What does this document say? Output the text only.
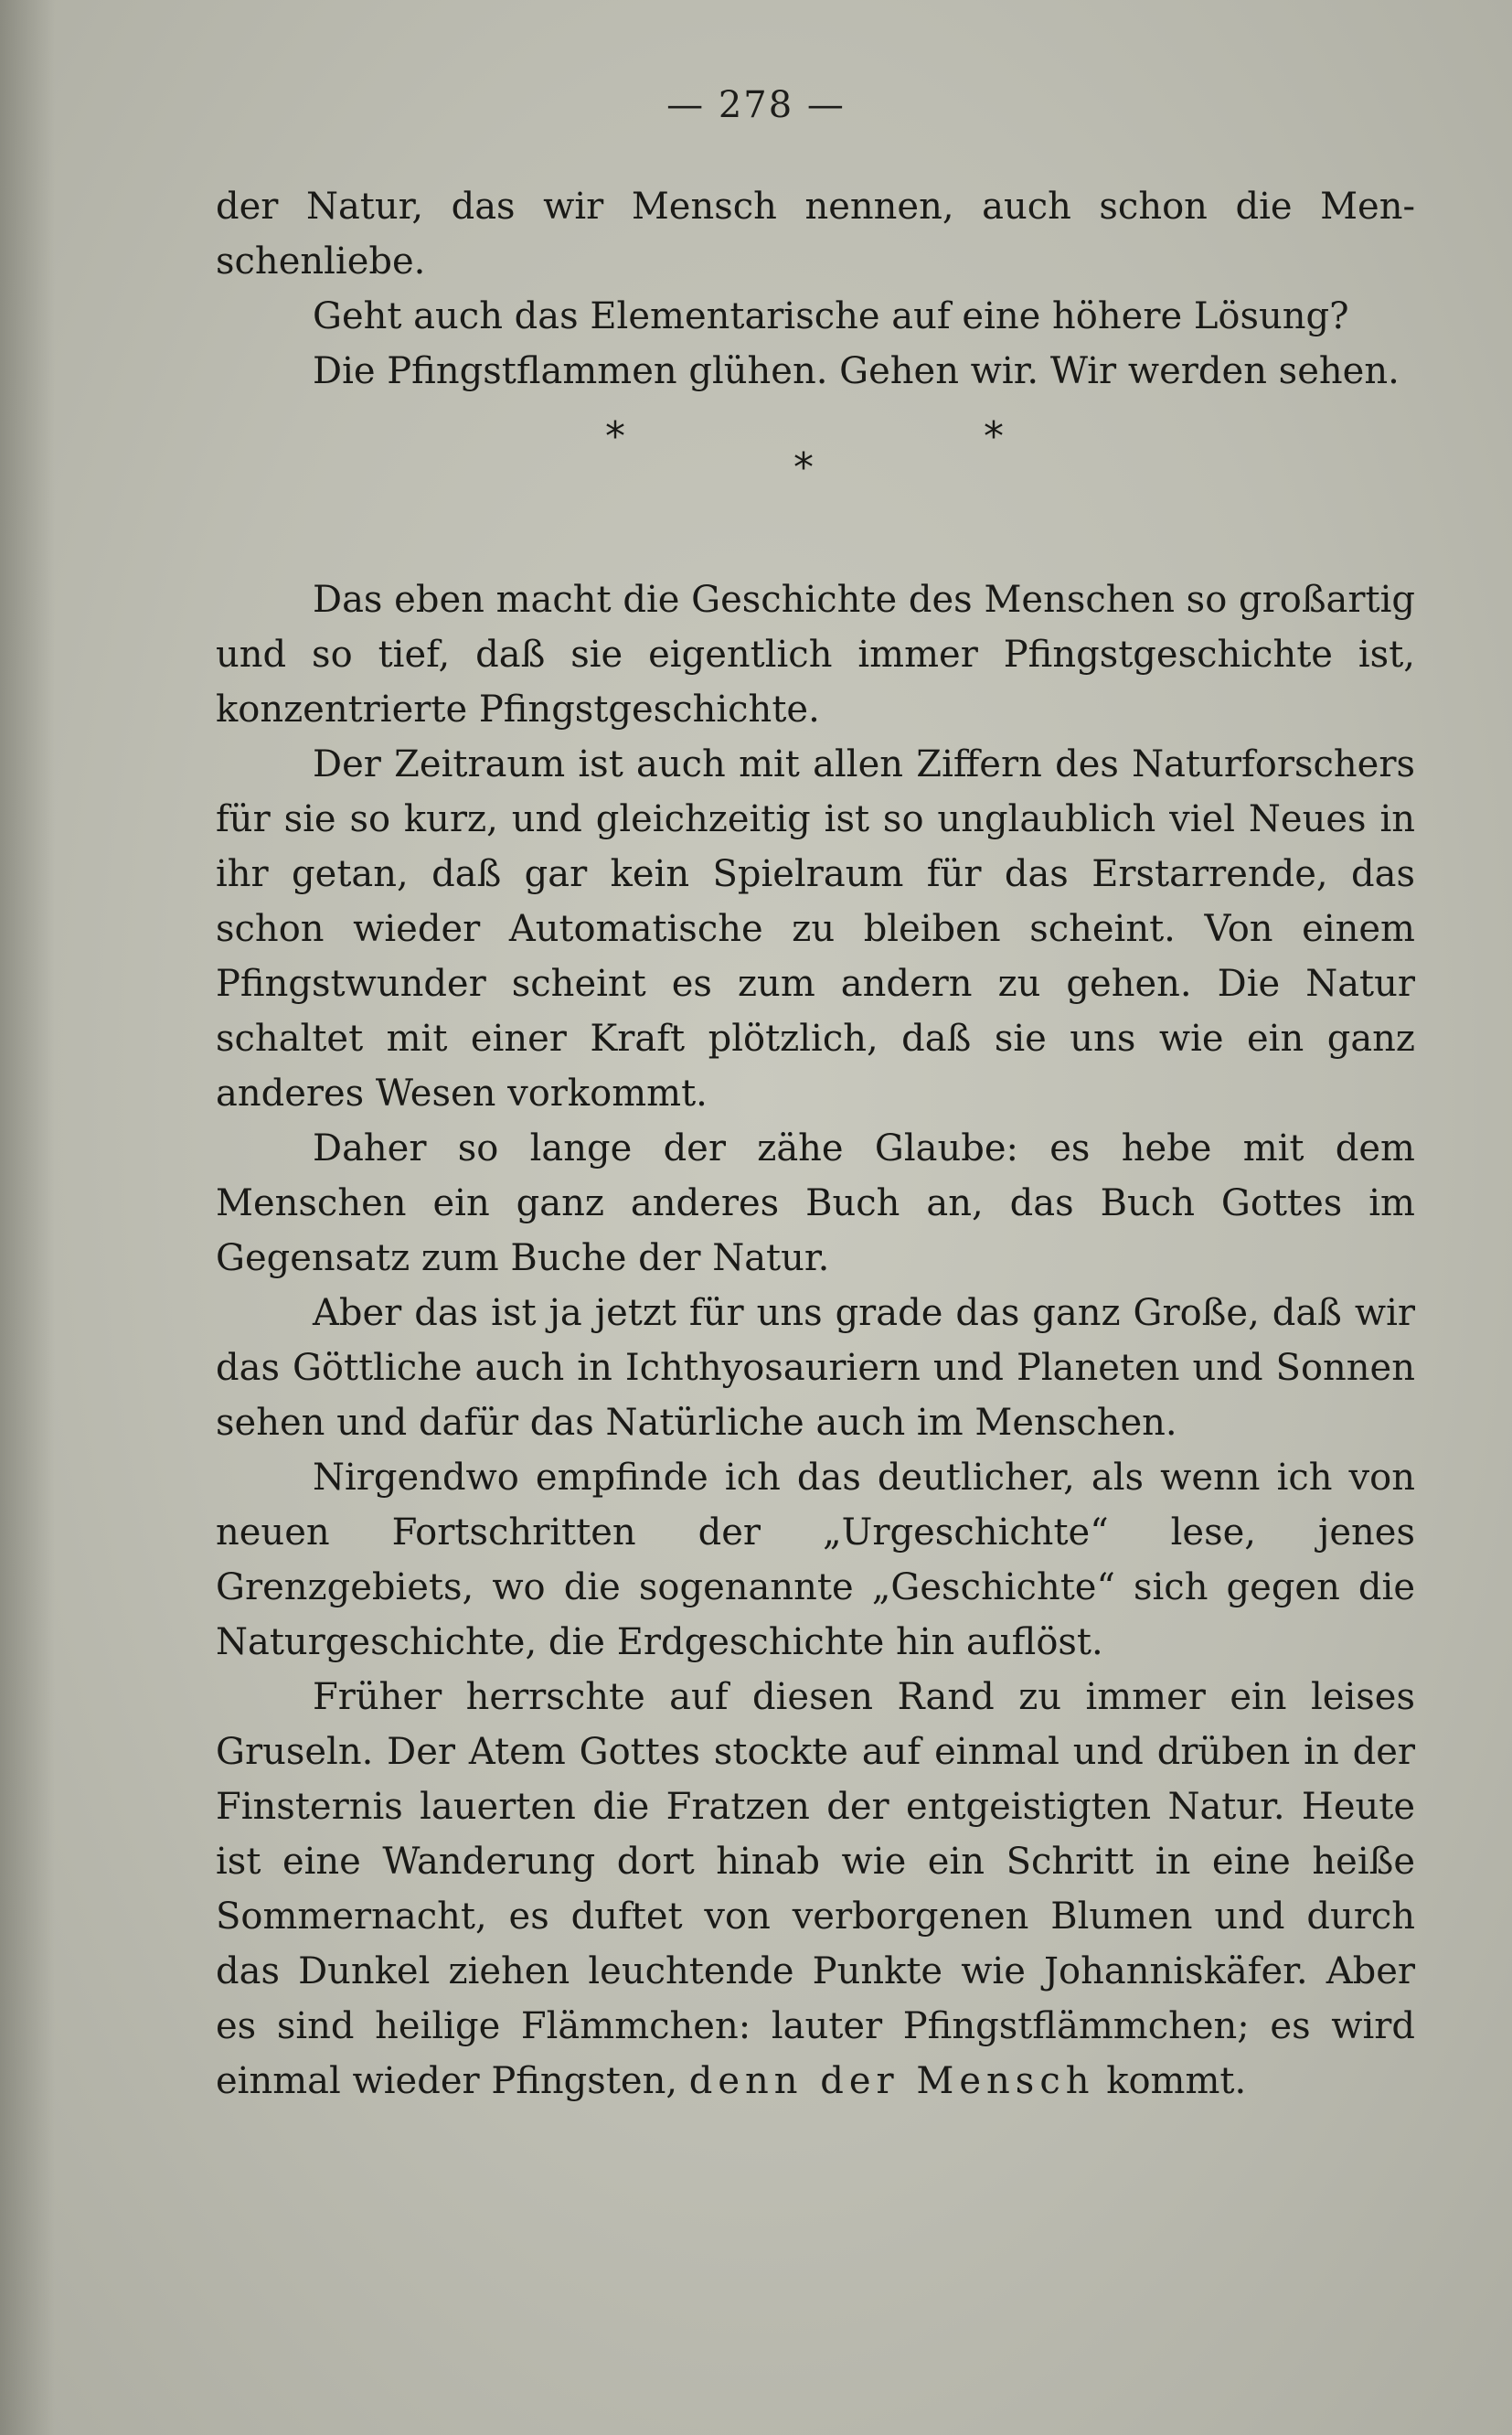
— 278 —

der Natur, das wir Mensch nennen, auch schon die Menschenliebe.

Geht auch das Elementarische auf eine höhere Lösung?

Die Pfingstflammen glühen. Gehen wir. Wir werden sehen.

*
*
*

Das eben macht die Geschichte des Menschen so großartig und so tief, daß sie eigentlich immer Pfingstgeschichte ist, konzentrierte Pfingstgeschichte.

Der Zeitraum ist auch mit allen Ziffern des Naturforschers für sie so kurz, und gleichzeitig ist so unglaublich viel Neues in ihr getan, daß gar kein Spielraum für das Erstarrende, das schon wieder Automatische zu bleiben scheint. Von einem Pfingstwunder scheint es zum andern zu gehen. Die Natur schaltet mit einer Kraft plötzlich, daß sie uns wie ein ganz anderes Wesen vorkommt.

Daher so lange der zähe Glaube: es hebe mit dem Menschen ein ganz anderes Buch an, das Buch Gottes im Gegensatz zum Buche der Natur.

Aber das ist ja jetzt für uns grade das ganz Große, daß wir das Göttliche auch in Ichthyosauriern und Planeten und Sonnen sehen und dafür das Natürliche auch im Menschen.

Nirgendwo empfinde ich das deutlicher, als wenn ich von neuen Fortschritten der „Urgeschichte“ lese, jenes Grenzgebiets, wo die sogenannte „Geschichte“ sich gegen die Naturgeschichte, die Erdgeschichte hin auflöst.

Früher herrschte auf diesen Rand zu immer ein leises Gruseln. Der Atem Gottes stockte auf einmal und drüben in der Finsternis lauerten die Fratzen der entgeistigten Natur. Heute ist eine Wanderung dort hinab wie ein Schritt in eine heiße Sommernacht, es duftet von verborgenen Blumen und durch das Dunkel ziehen leuchtende Punkte wie Johanniskäfer. Aber es sind heilige Flämmchen: lauter Pfingstflämmchen; es wird einmal wieder Pfingsten, denn der Mensch kommt.
